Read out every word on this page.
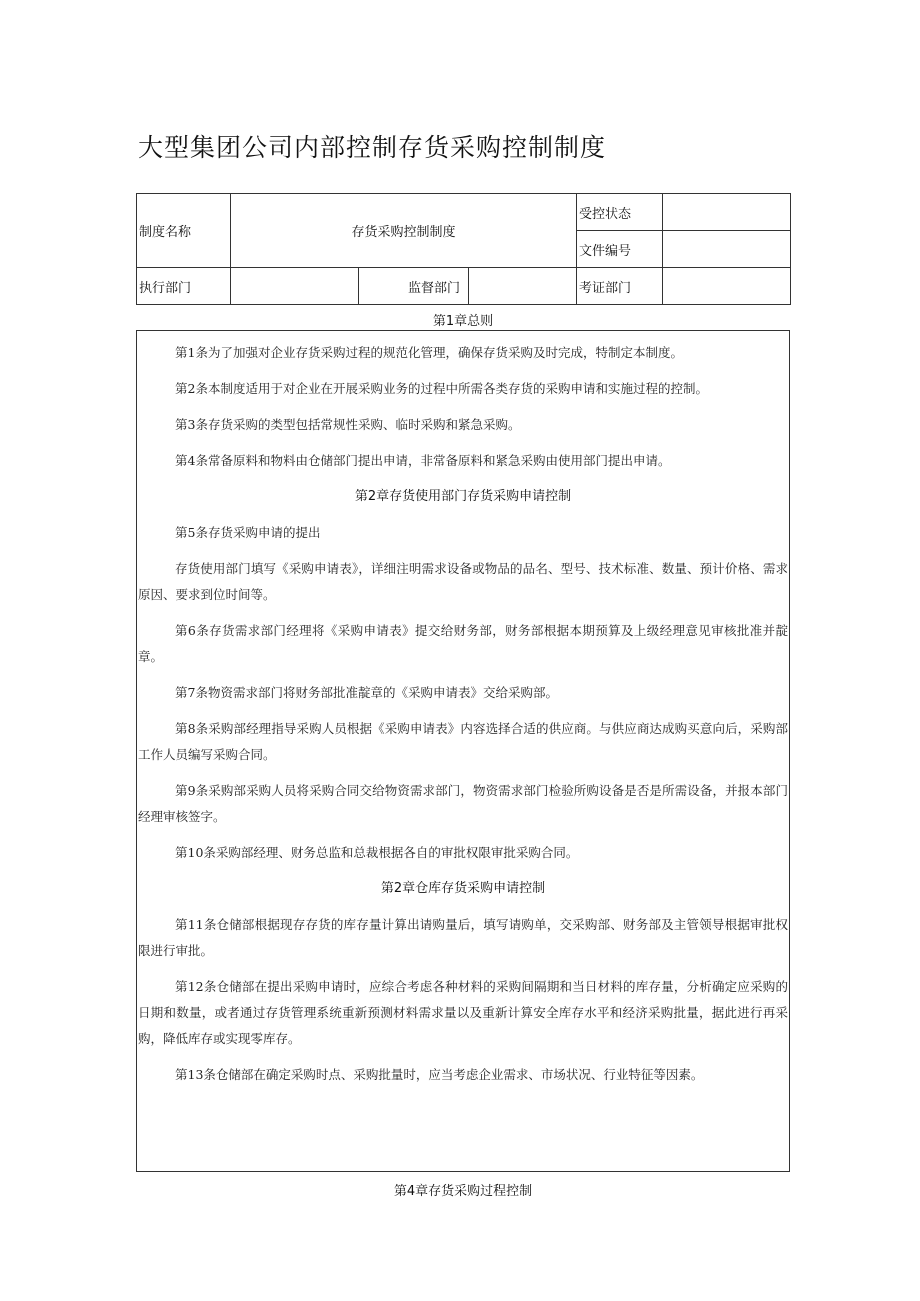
大型集团公司内部控制存货采购控制制度
制度名称	存货采购控制制度			受控状态	
				文件编号	
执行部门		监督部门		考证部门	
第1章总则

第1条为了加强对企业存货采购过程的规范化管理，确保存货采购及时完成，特制定本制度。

第2条本制度适用于对企业在开展采购业务的过程中所需各类存货的采购申请和实施过程的控制。

第3条存货采购的类型包括常规性采购、临时采购和紧急采购。

第4条常备原料和物料由仓储部门提出申请，非常备原料和紧急采购由使用部门提出申请。

第2章存货使用部门存货采购申请控制

第5条存货采购申请的提出

存货使用部门填写《采购申请表》，详细注明需求设备或物品的品名、型号、技术标准、数量、预计价格、需求原因、要求到位时间等。

第6条存货需求部门经理将《采购申请表》提交给财务部，财务部根据本期预算及上级经理意见审核批准并靛章。

第7条物资需求部门将财务部批准靛章的《采购申请表》交给采购部。

第8条采购部经理指导采购人员根据《采购申请表》内容选择合适的供应商。与供应商达成购买意向后，采购部工作人员编写采购合同。

第9条采购部采购人员将采购合同交给物资需求部门，物资需求部门检验所购设备是否是所需设备，并报本部门经理审核签字。

第10条采购部经理、财务总监和总裁根据各自的审批权限审批采购合同。

第2章仓库存货采购申请控制

第11条仓储部根据现存存货的库存量计算出请购量后，填写请购单，交采购部、财务部及主管领导根据审批权限进行审批。

第12条仓储部在提出采购申请时，应综合考虑各种材料的采购间隔期和当日材料的库存量，分析确定应采购的日期和数量，或者通过存货管理系统重新预测材料需求量以及重新计算安全库存水平和经济采购批量，据此进行再采购，降低库存或实现零库存。

第13条仓储部在确定采购时点、采购批量时，应当考虑企业需求、市场状况、行业特征等因素。

第4章存货采购过程控制
